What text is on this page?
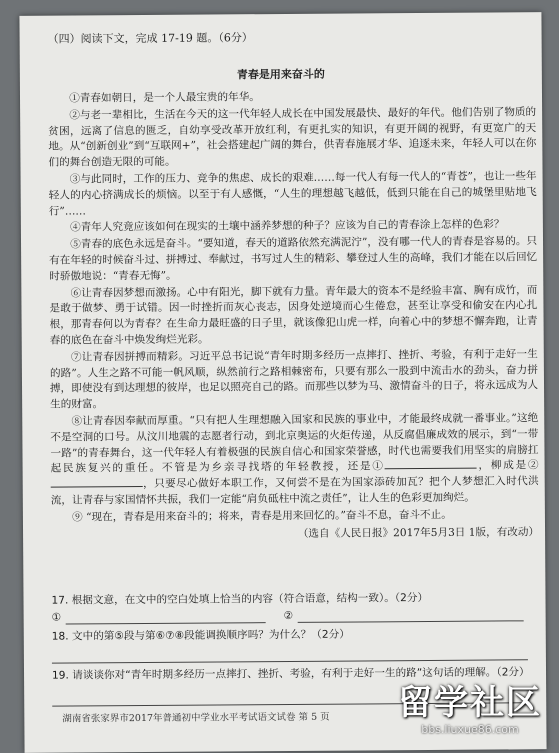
（四）阅读下文，完成 17-19 题。（6分）
青春是用来奋斗的

①青春如朝日，是一个人最宝贵的年华。

②与老一辈相比，生活在今天的这一代年轻人成长在中国发展最快、最好的年代。他们告别了物质的贫困，远离了信息的匮乏，自幼享受改革开放红利，有更扎实的知识，有更开阔的视野，有更宽广的天地。从“创新创业”到“互联网+”，社会搭建起广阔的舞台，供青春施展才华、追逐未来，年轻人可以在你们的舞台创造无限的可能。

③与此同时，工作的压力、竞争的焦虑、成长的艰难……每一代人有每一代人的“青苍”，也让一些年轻人的内心挤满成长的烦恼。以至于有人感慨，“人生的理想越飞越低，低到只能在自己的城堡里贴地飞行”……

④青年人究竟应该如何在现实的土壤中涵养梦想的种子？应该为自己的青春涂上怎样的色彩？

⑤青春的底色永远是奋斗。“要知道，春天的道路依然充满泥泞”，没有哪一代人的青春是容易的。只有在年轻的时候奋斗过、拼搏过、奉献过，书写过人生的精彩、攀登过人生的高峰，我们才能在以后回忆时骄傲地说：“青春无悔”。

⑥让青春因梦想而激扬。心中有阳光，脚下就有力量。青年最大的资本不是经验丰富、胸有成竹，而是敢于做梦、勇于试错。因一时挫折而灰心丧志，因身处逆境而心生倦怠，甚至让享受和偷安在内心扎根，那青春何以为青春？在生命力最旺盛的日子里，就该像犯山虎一样，向着心中的梦想不懈奔跑，让青春的底色在奋斗中焕发绚烂光彩。

⑦让青春因拼搏而精彩。习近平总书记说“青年时期多经历一点摔打、挫折、考验，有利于走好一生的路”。人生之路不可能一帆风顺，纵然前行之路相棘密布，只要有那么一股到中流击水的劲头，奋力拼搏，即使没有到达理想的彼岸，也足以照亮自己的路。而那些以梦为马、激情奋斗的日子，将永远成为人生的财富。

⑧让青春因奉献而厚重。“只有把人生理想融入国家和民族的事业中，才能最终成就一番事业。”这绝不是空洞的口号。从汶川地震的志愿者行动，到北京奥运的火炬传递，从反腐倡廉成效的展示，到“一带一路”的青春舞台，这一代年轻人有着极强的民族自信心和国家荣誉感，时代也需要我们用坚实的肩膀扛起民族复兴的重任。不管是为乡亲寻找塔的年轻教授，还是①	，柳成是②，只要尽心做好本职工作，又何尝不是在为国家添砖加瓦？把个人梦想汇入时代洪流，让青春与家国情怀共振，我们一定能“肩负砥柱中流之责任”，让人生的色彩更加绚烂。

⑨ “现在，青春是用来奋斗的；将来，青春是用来回忆的。”奋斗不息，奋斗不止。

（选自《人民日报》2017年5月3日 1版，有改动）
17. 根据文意，在文中的空白处填上恰当的内容（符合语意，结构一致）。（2分）
①	②
18. 文中的第⑤段与第⑥⑦⑧段能调换顺序吗？为什么？（2分）
19. 请谈谈你对“青年时期多经历一点摔打、挫折、考验，有利于走好一生的路”这句话的理解。（2分）
湖南省张家界市2017年普通初中学业水平考试语文试卷 第 5 页	留学社区
bbs.liuxue86.com
